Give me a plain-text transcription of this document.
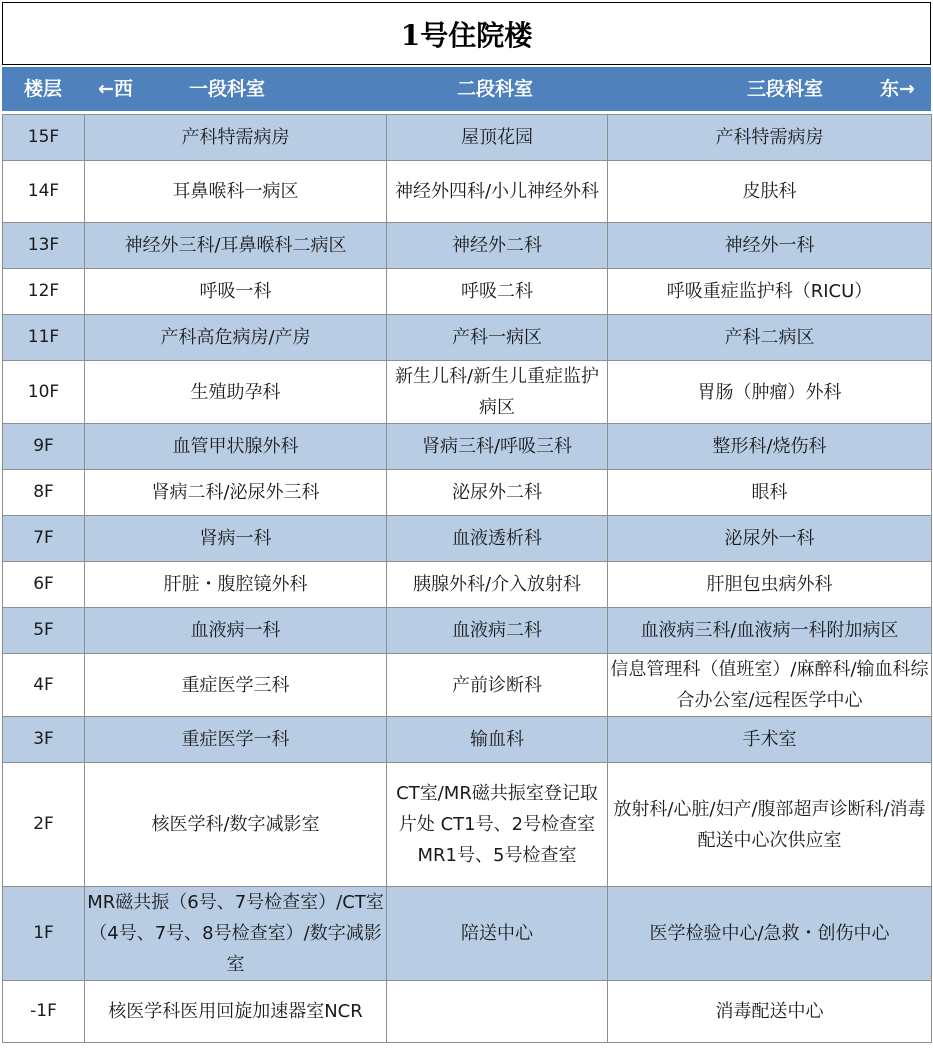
1号住院楼
楼层 ←西	一段科室	二段科室	三段科室	东→
15F	产科特需病房	屋顶花园	产科特需病房
14F	耳鼻喉科一病区	神经外四科/小儿神经外科	皮肤科
13F	神经外三科/耳鼻喉科二病区	神经外二科	神经外一科
12F	呼吸一科	呼吸二科	呼吸重症监护科（RICU）
11F	产科高危病房/产房	产科一病区	产科二病区
10F	生殖助孕科	新生儿科/新生儿重症监护病区	胃肠（肿瘤）外科
9F	血管甲状腺外科	肾病三科/呼吸三科	整形科/烧伤科
8F	肾病二科/泌尿外三科	泌尿外二科	眼科
7F	肾病一科	血液透析科	泌尿外一科
6F	肝脏・腹腔镜外科	胰腺外科/介入放射科	肝胆包虫病外科
5F	血液病一科	血液病二科	血液病三科/血液病一科附加病区
4F	重症医学三科	产前诊断科	信息管理科（值班室）/麻醉科/输血科综合办公室/远程医学中心
3F	重症医学一科	输血科	手术室
2F	核医学科/数字减影室	CT室/MR磁共振室登记取片处 CT1号、2号检查室 MR1号、5号检查室	放射科/心脏/妇产/腹部超声诊断科/消毒配送中心次供应室
1F	MR磁共振（6号、7号检查室）/CT室（4号、7号、8号检查室）/数字减影室	陪送中心	医学检验中心/急救・创伤中心
-1F	核医学科医用回旋加速器室NCR		消毒配送中心
